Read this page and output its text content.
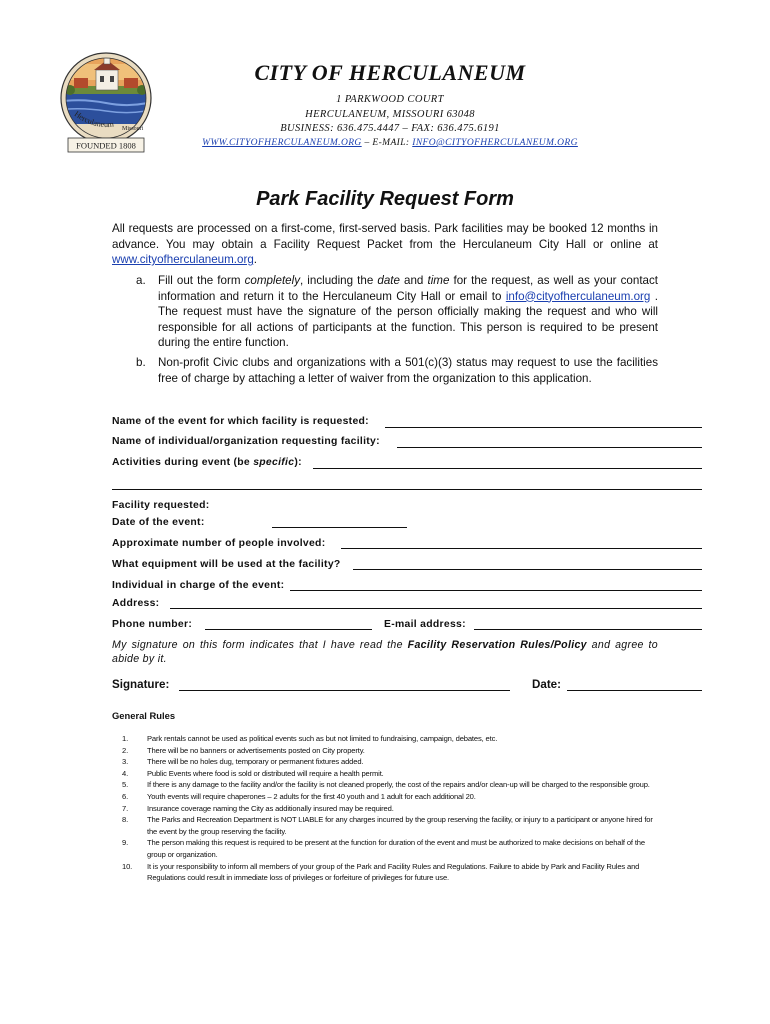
Herculaneum Missouri
FOUNDED 1808
CITY OF HERCULANEUM
1 PARKWOOD COURT
HERCULANEUM, MISSOURI 63048
BUSINESS: 636.475.4447 – FAX: 636.475.6191
WWW.CITYOFHERCULANEUM.ORG – E-MAIL: INFO@CITYOFHERCULANEUM.ORG
Park Facility Request Form
All requests are processed on a first-come, first-served basis. Park facilities may be booked 12 months in advance. You may obtain a Facility Request Packet from the Herculaneum City Hall or online at www.cityofherculaneum.org.
a. Fill out the form completely, including the date and time for the request, as well as your contact information and return it to the Herculaneum City Hall or email to info@cityofherculaneum.org . The request must have the signature of the person officially making the request and who will responsible for all actions of participants at the function. This person is required to be present during the entire function.
b. Non-profit Civic clubs and organizations with a 501(c)(3) status may request to use the facilities free of charge by attaching a letter of waiver from the organization to this application.
Name of the event for which facility is requested:
Name of individual/organization requesting facility:
Activities during event (be specific):
Facility requested:
Date of the event:
Approximate number of people involved:
What equipment will be used at the facility?
Individual in charge of the event:
Address:
Phone number:	E-mail address:
My signature on this form indicates that I have read the Facility Reservation Rules/Policy and agree to abide by it.
Signature:	Date:
General Rules
1. Park rentals cannot be used as political events such as but not limited to fundraising, campaign, debates, etc.
2. There will be no banners or advertisements posted on City property.
3. There will be no holes dug, temporary or permanent fixtures added.
4. Public Events where food is sold or distributed will require a health permit.
5. If there is any damage to the facility and/or the facility is not cleaned properly, the cost of the repairs and/or clean-up will be charged to the responsible group.
6. Youth events will require chaperones – 2 adults for the first 40 youth and 1 adult for each additional 20.
7. Insurance coverage naming the City as additionally insured may be required.
8. The Parks and Recreation Department is NOT LIABLE for any charges incurred by the group reserving the facility, or injury to a participant or anyone hired for the event by the group reserving the facility.
9. The person making this request is required to be present at the function for duration of the event and must be authorized to make decisions on behalf of the group or organization.
10. It is your responsibility to inform all members of your group of the Park and Facility Rules and Regulations. Failure to abide by Park and Facility Rules and Regulations could result in immediate loss of privileges or forfeiture of privileges for future use.
